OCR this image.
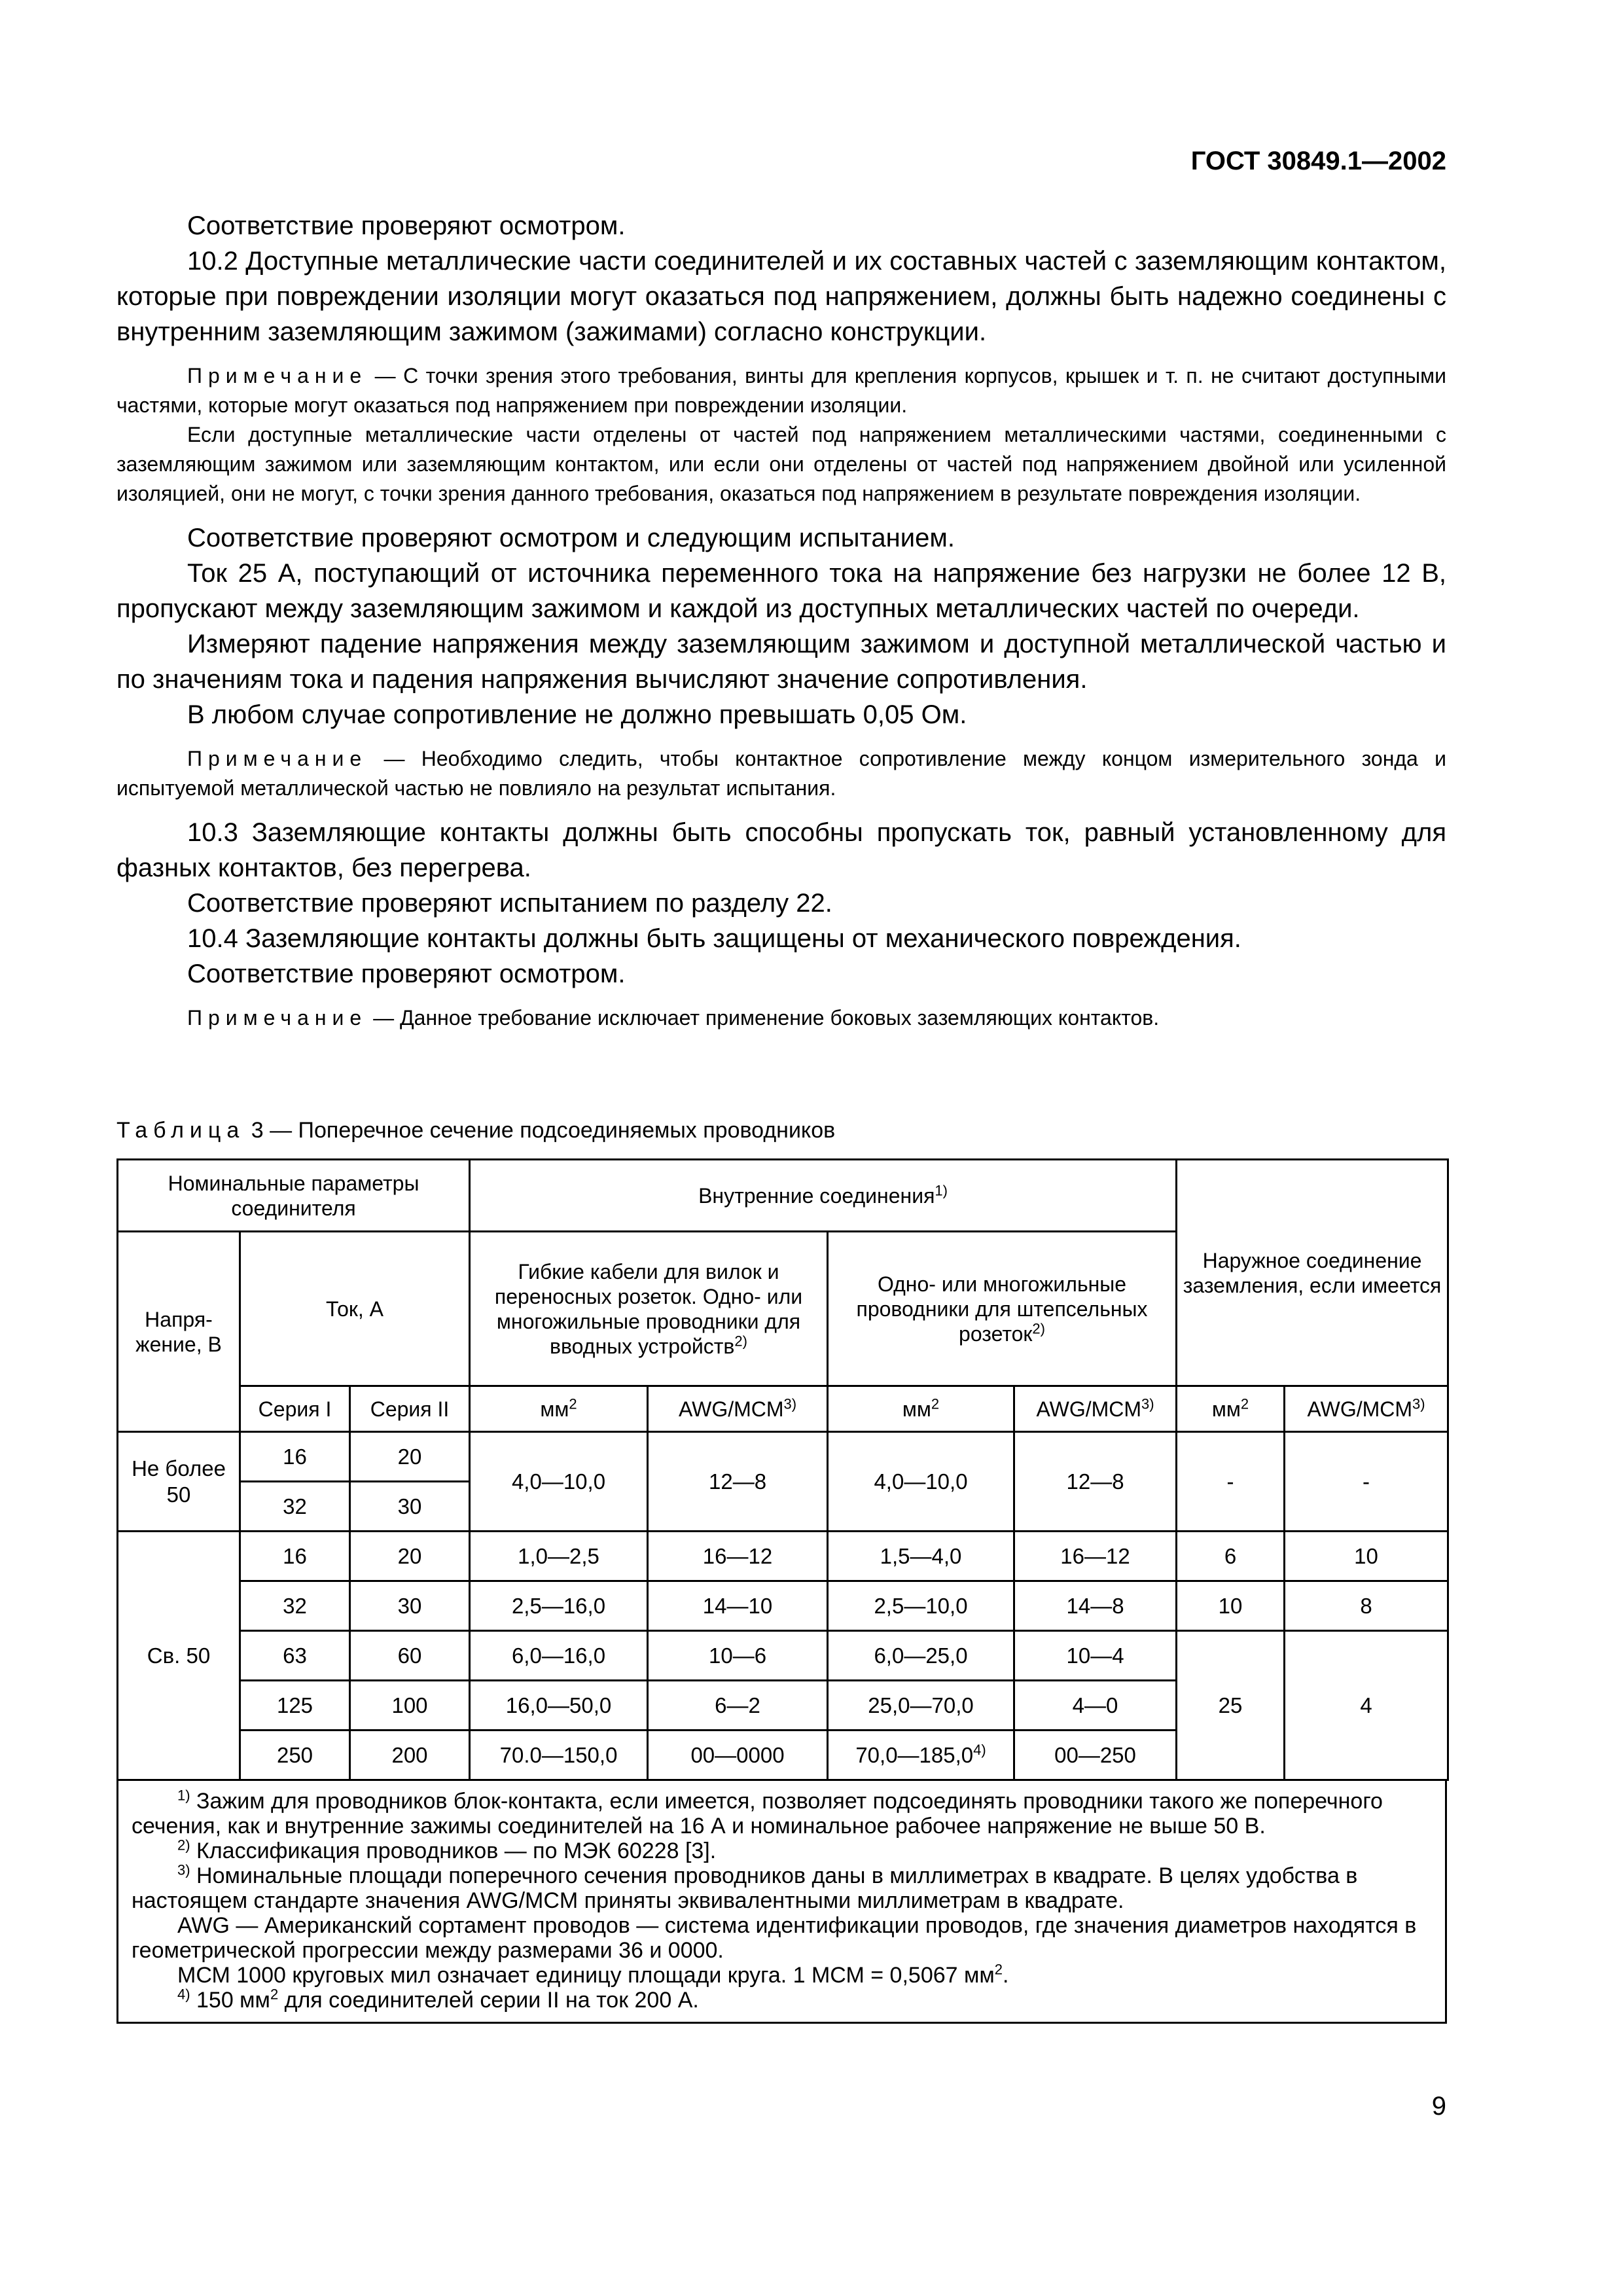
ГОСТ 30849.1—2002

Соответствие проверяют осмотром.

10.2 Доступные металлические части соединителей и их составных частей с заземляющим контактом, которые при повреждении изоляции могут оказаться под напряжением, должны быть надежно соединены с внутренним заземляющим зажимом (зажимами) согласно конструкции.

Примечание — С точки зрения этого требования, винты для крепления корпусов, крышек и т. п. не считают доступными частями, которые могут оказаться под напряжением при повреждении изоляции.

Если доступные металлические части отделены от частей под напряжением металлическими частями, соединенными с заземляющим зажимом или заземляющим контактом, или если они отделены от частей под напряжением двойной или усиленной изоляцией, они не могут, с точки зрения данного требования, оказаться под напряжением в результате повреждения изоляции.

Соответствие проверяют осмотром и следующим испытанием.

Ток 25 А, поступающий от источника переменного тока на напряжение без нагрузки не более 12 В, пропускают между заземляющим зажимом и каждой из доступных металлических частей по очереди.

Измеряют падение напряжения между заземляющим зажимом и доступной металлической частью и по значениям тока и падения напряжения вычисляют значение сопротивления.

В любом случае сопротивление не должно превышать 0,05 Ом.

Примечание — Необходимо следить, чтобы контактное сопротивление между концом измерительного зонда и испытуемой металлической частью не повлияло на результат испытания.

10.3 Заземляющие контакты должны быть способны пропускать ток, равный установленному для фазных контактов, без перегрева.

Соответствие проверяют испытанием по разделу 22.

10.4 Заземляющие контакты должны быть защищены от механического повреждения.

Соответствие проверяют осмотром.

Примечание — Данное требование исключает применение боковых заземляющих контактов.

Таблица 3 — Поперечное сечение подсоединяемых проводников
Номинальные параметры соединителя			Внутренние соединения$^{1)}$				Наружное соединение заземления, если имеется	
Напря-жение, В	Ток, А		Гибкие кабели для вилок и переносных розеток. Одно- или многожильные проводники для вводных устройств$^{2)}$		Одно- или многожильные проводники для штепсельных розеток$^{2)}$
	Серия I	Серия II	$мм^2$	AWG/MCM$^{3)}$	$мм^2$	AWG/MCM$^{3)}$	$мм^2$	AWG/MCM$^{3)}$
Не более 50	16	20	4,0—10,0	12—8	4,0—10,0	12—8	-	-
	32	30						
Св. 50	16	20	1,0—2,5	16—12	1,5—4,0	16—12	6	10
	32	30	2,5—16,0	14—10	2,5—10,0	14—8	10	8
	63	60	6,0—16,0	10—6	6,0—25,0	10—4	25	4
	125	100	16,0—50,0	6—2	25,0—70,0	4—0		
	250	200	70.0—150,0	00—0000	70,0—185,0$^{4)}$	00—250		

$^{1)}$ Зажим для проводников блок-контакта, если имеется, позволяет подсоединять проводники такого же поперечного сечения, как и внутренние зажимы соединителей на 16 А и номинальное рабочее напряжение не выше 50 В.

$^{2)}$ Классификация проводников — по МЭК 60228 [3].

$^{3)}$ Номинальные площади поперечного сечения проводников даны в миллиметрах в квадрате. В целях удобства в настоящем стандарте значения AWG/MCM приняты эквивалентными миллиметрам в квадрате.

AWG — Американский сортамент проводов — система идентификации проводов, где значения диаметров находятся в геометрической прогрессии между размерами 36 и 0000.

МСМ 1000 круговых мил означает единицу площади круга. 1 МСМ = 0,5067 $мм^2$.

$^{4)}$ 150 $мм^2$ для соединителей серии II на ток 200 А.

9
